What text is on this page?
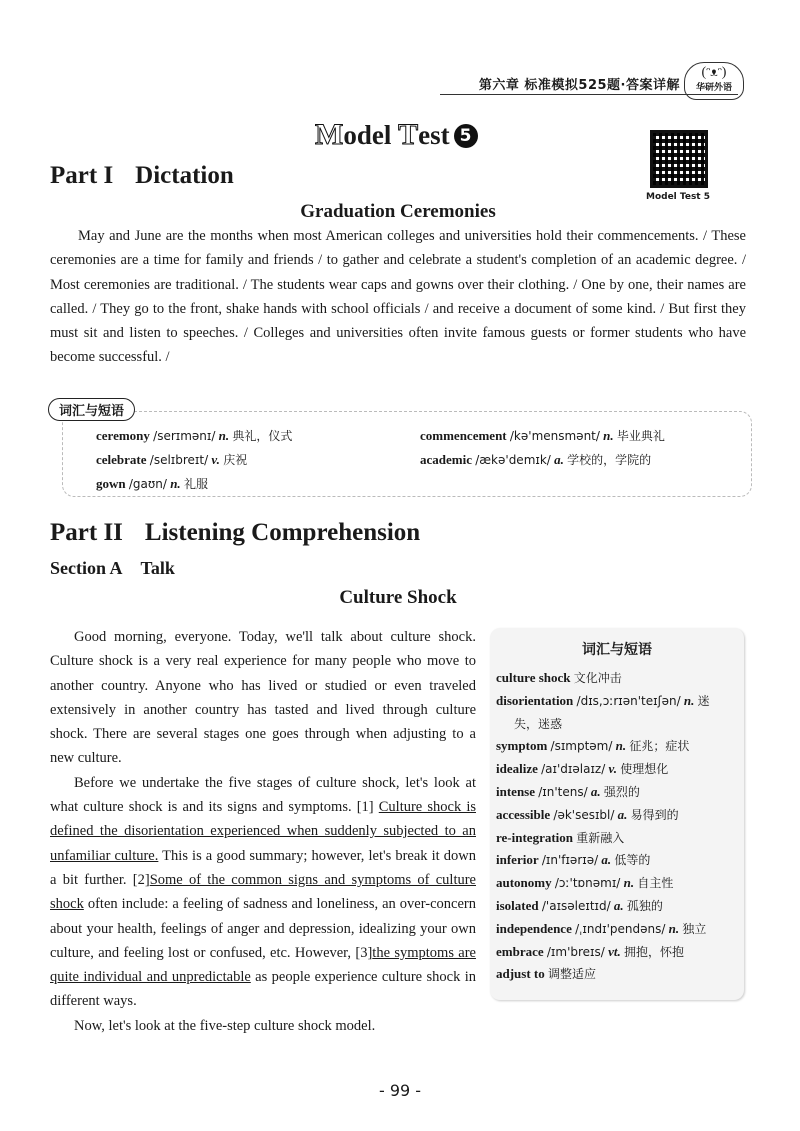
第六章 标准模拟525题·答案详解
(ᵔᴥᵔ)
华研外语
Model Test 5
Model Test 5
Part I Dictation
Graduation Ceremonies

May and June are the months when most American colleges and universities hold their commencements. / These ceremonies are a time for family and friends / to gather and celebrate a student's completion of an academic degree. / Most ceremonies are traditional. / The students wear caps and gowns over their clothing. / One by one, their names are called. / They go to the front, shake hands with school officials / and receive a document of some kind. / But first they must sit and listen to speeches. / Colleges and universities often invite famous guests or former students who have become successful. /

词汇与短语
ceremony /serɪmənɪ/ n. 典礼，仪式	commencement /kə'mensmənt/ n. 毕业典礼
celebrate /selɪbreɪt/ v. 庆祝	academic /ækə'demɪk/ a. 学校的，学院的
gown /gaʊn/ n. 礼服
Part II Listening Comprehension
Section A Talk
Culture Shock

Good morning, everyone. Today, we'll talk about culture shock. Culture shock is a very real experience for many people who move to another country. Anyone who has lived or studied or even traveled extensively in another country has tasted and lived through culture shock. There are several stages one goes through when adjusting to a new culture.

Before we undertake the five stages of culture shock, let's look at what culture shock is and its signs and symptoms. [1] Culture shock is defined the disorientation experienced when suddenly subjected to an unfamiliar culture. This is a good summary; however, let's break it down a bit further. [2]Some of the common signs and symptoms of culture shock often include: a feeling of sadness and loneliness, an over-concern about your health, feelings of anger and depression, idealizing your own culture, and feeling lost or confused, etc. However, [3]the symptoms are quite individual and unpredictable as people experience culture shock in different ways.

Now, let's look at the five-step culture shock model.

词汇与短语
culture shock 文化冲击
disorientation /dɪs,ɔːrɪən'teɪʃən/ n. 迷
失，迷惑
symptom /sɪmptəm/ n. 征兆；症状
idealize /aɪ'dɪəlaɪz/ v. 使理想化
intense /ɪn'tens/ a. 强烈的
accessible /ək'sesɪbl/ a. 易得到的
re-integration 重新融入
inferior /ɪn'fɪərɪə/ a. 低等的
autonomy /ɔː'tɒnəmɪ/ n. 自主性
isolated /'aɪsəleɪtɪd/ a. 孤独的
independence /ˌɪndɪ'pendəns/ n. 独立
embrace /ɪm'breɪs/ vt. 拥抱，怀抱
adjust to 调整适应
- 99 -
